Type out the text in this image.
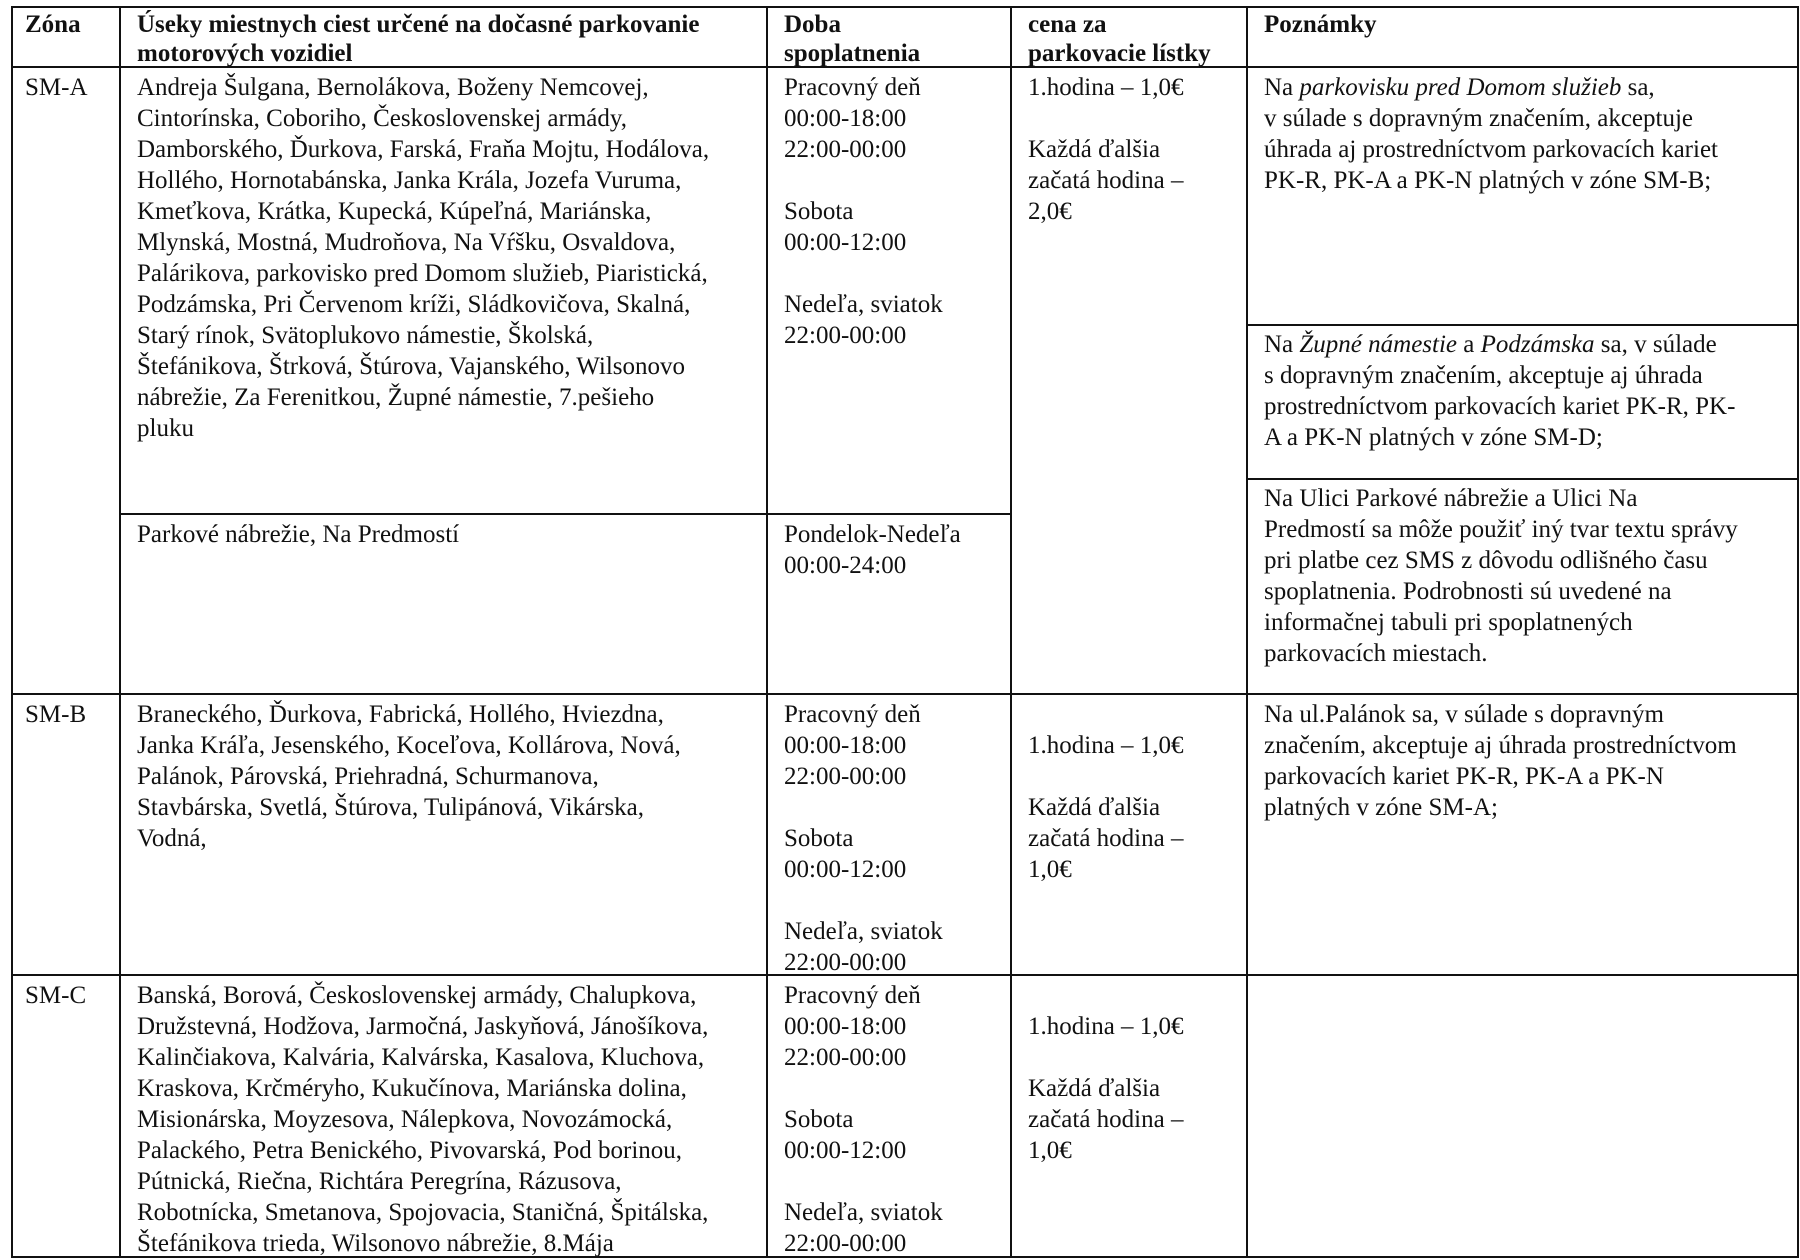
Zóna	Úseky miestnych ciest určené na dočasné parkovanie motorových vozidiel
Doba spoplatnenia
cena za parkovacie lístky
Poznámky
SM-A Andreja Šulgana, Bernolákova, Boženy Nemcovej,
Cintorínska, Coboriho, Československej armády,
Damborského, Ďurkova, Farská, Fraňa Mojtu, Hodálova,
Hollého, Hornotabánska, Janka Krála, Jozefa Vuruma,
Kmeťkova, Krátka, Kupecká, Kúpeľná, Mariánska,
Mlynská, Mostná, Mudroňova, Na Vŕšku, Osvaldova,
Palárikova, parkovisko pred Domom služieb, Piaristická,
Podzámska, Pri Červenom kríži, Sládkovičova, Skalná,
Starý rínok, Svätoplukovo námestie, Školská,
Štefánikova, Štrková, Štúrova, Vajanského, Wilsonovo
nábrežie, Za Ferenitkou, Župné námestie, 7.pešieho
pluku
Pracovný deň
00:00-18:00
22:00-00:00
Sobota
00:00-12:00
Nedeľa, sviatok
22:00-00:00
1.hodina – 1,0€
Každá ďalšia
začatá hodina –
2,0€
Na parkovisku pred Domom služieb sa,
v súlade s dopravným značením, akceptuje
úhrada aj prostredníctvom parkovacích kariet
PK-R, PK-A a PK-N platných v zóne SM-B;
Na Župné námestie a Podzámska sa, v súlade
s dopravným značením, akceptuje aj úhrada
prostredníctvom parkovacích kariet PK-R, PK-
A a PK-N platných v zóne SM-D;
Na Ulici Parkové nábrežie a Ulici Na
Predmostí sa môže použiť iný tvar textu správy
pri platbe cez SMS z dôvodu odlišného času
spoplatnenia. Podrobnosti sú uvedené na
informačnej tabuli pri spoplatnených
parkovacích miestach.
Parkové nábrežie, Na Predmostí	Pondelok-Nedeľa
00:00-24:00
SM-B Braneckého, Ďurkova, Fabrická, Hollého, Hviezdna,
Janka Kráľa, Jesenského, Koceľova, Kollárova, Nová,
Palánok, Párovská, Priehradná, Schurmanova,
Stavbárska, Svetlá, Štúrova, Tulipánová, Vikárska,
Vodná,
Pracovný deň
00:00-18:00
22:00-00:00
Sobota
00:00-12:00
Nedeľa, sviatok
22:00-00:00
1.hodina – 1,0€
Každá ďalšia
začatá hodina –
1,0€
Na ul.Palánok sa, v súlade s dopravným
značením, akceptuje aj úhrada prostredníctvom
parkovacích kariet PK-R, PK-A a PK-N
platných v zóne SM-A;
SM-C Banská, Borová, Československej armády, Chalupkova,
Družstevná, Hodžova, Jarmočná, Jaskyňová, Jánošíkova,
Kalinčiakova, Kalvária, Kalvárska, Kasalova, Kluchova,
Kraskova, Krčméryho, Kukučínova, Mariánska dolina,
Misionárska, Moyzesova, Nálepkova, Novozámocká,
Palackého, Petra Benického, Pivovarská, Pod borinou,
Pútnická, Riečna, Richtára Peregrína, Rázusova,
Robotnícka, Smetanova, Spojovacia, Staničná, Špitálska,
Štefánikova trieda, Wilsonovo nábrežie, 8.Mája
Pracovný deň
00:00-18:00
22:00-00:00
Sobota
00:00-12:00
Nedeľa, sviatok
22:00-00:00
1.hodina – 1,0€
Každá ďalšia
začatá hodina –
1,0€
